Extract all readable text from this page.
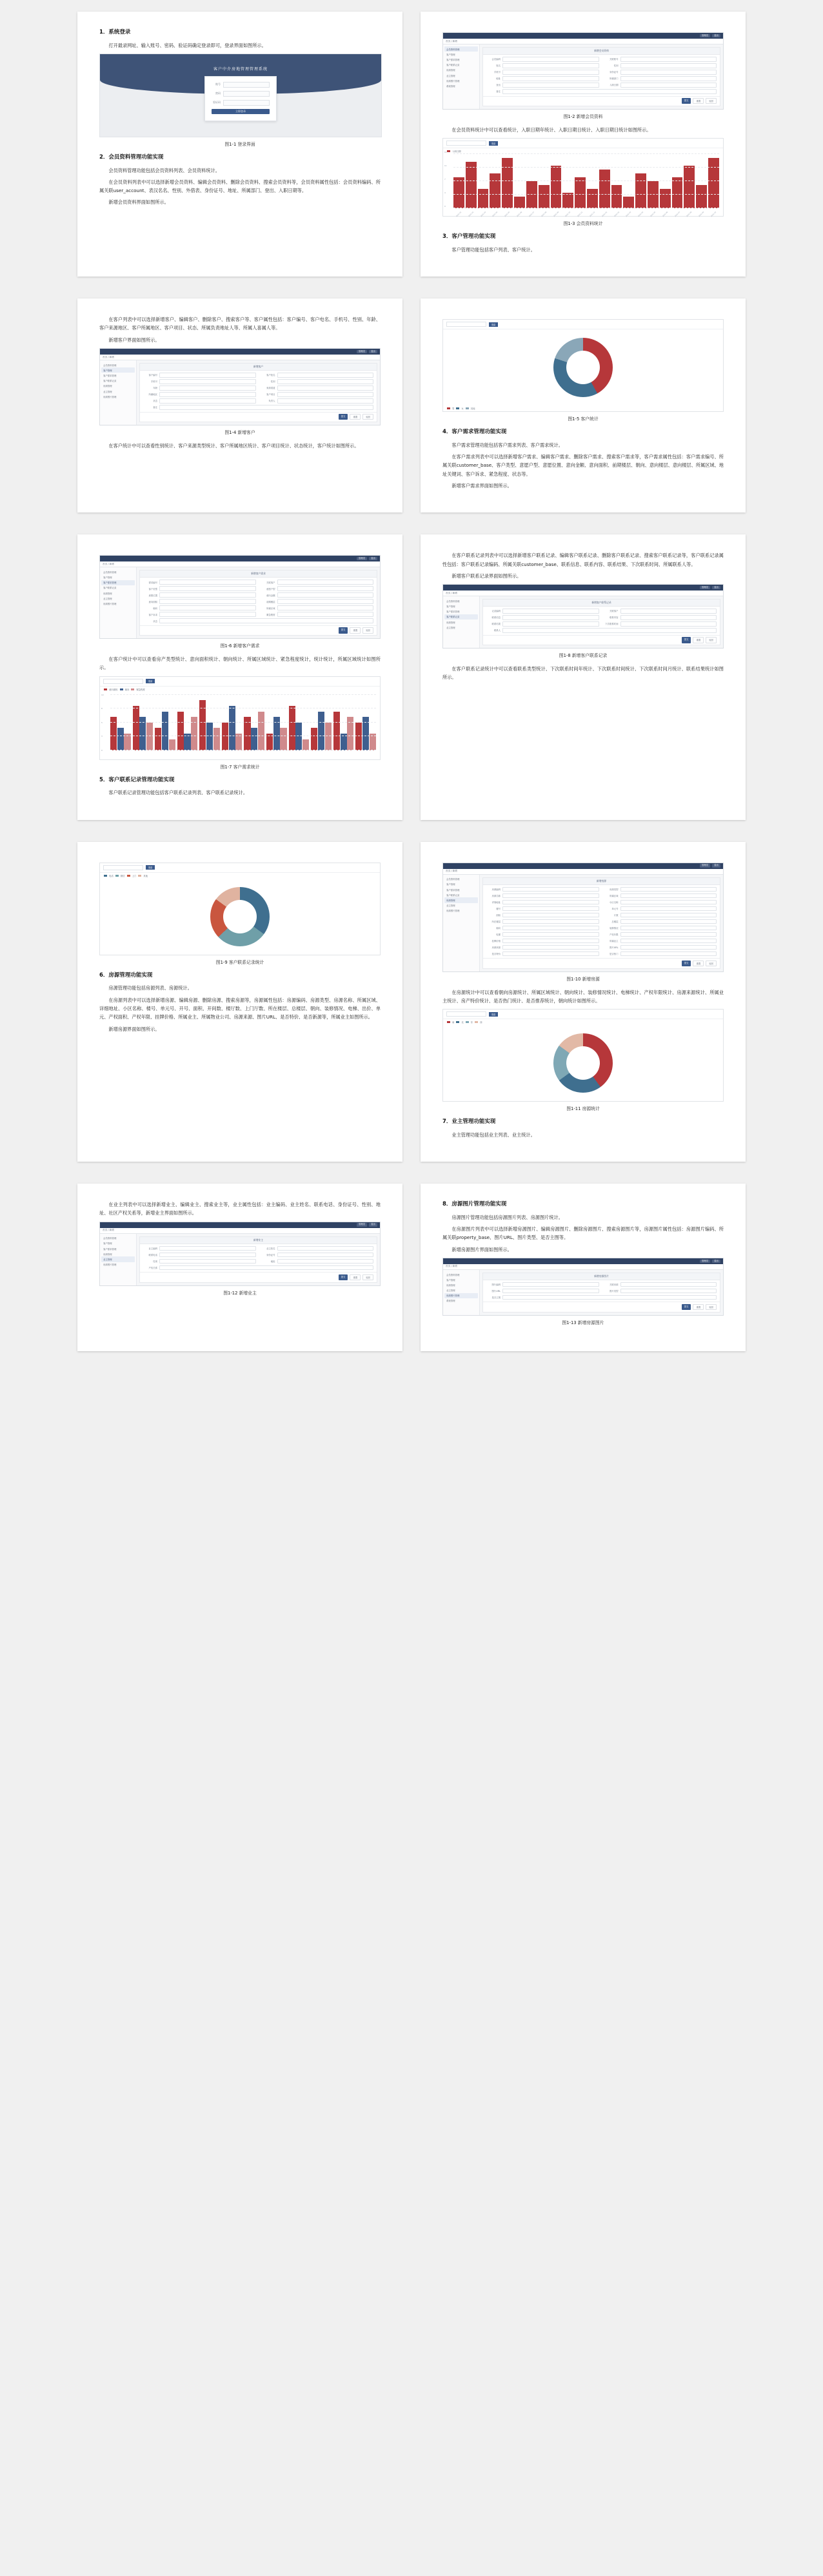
1．系统登录

打开最录网址、输入账号、密码、验证码确定登录即可，登录界面如图所示。

客户中介房地管理管理系统
账号
密码
验证码
立即登录
图1-1 登录界面
2．会员资料管理功能实现

会员资料管理功能包括会员资料列表、会员资料统计。

在会员资料列表中可以选择新增会员资料、编辑会员资料、删除会员资料、搜索会员资料等，会员资料属性包括：会员资料编码、所属关联user_account、表汉名名、性别、外借表、身份证号、地址、所属部门、登出、入职日期等。

新增会员资料界面如图所示。

管理员	退出
首页 / 新增
会员资料管理
客户管理
客户需求管理
客户联系记录
房源管理
业主管理
房源图片管理
系统管理
新增会员资料
会员编码	关联账号
姓名	性别
手机号	身份证号
地址	所属部门
登出	入职日期
备注
提交	重置	返回
图1-2 新增会员资料

在会员资料统计中可以查看统计，入职日期年统计、入职日期日统计、入职日期日统计如图所示。

搜索
入职日期
2021-01	2021-02	2021-03	2021-04	2021-05	2021-06	2021-07	2021-08	2021-09	2021-10	2021-11	2021-12	2022-01	2022-02	2022-03	2022-04	2022-05	2022-06	2022-07	2022-08	2022-09	2022-10
0
4
7
11
14
图1-3 会员资料统计
3．客户管理功能实现

客户管理功能包括客户列表、客户统计。

在客户列表中可以选择新增客户、编辑客户、删除客户、搜索客户等、客户属性包括：客户编号、客户电名、手机号、性别、年龄、客户来源地区、客户所属地区、客户项目、状态、所属负责地址人等、所属人喜属人等。

新增客户界面如图所示。

管理员	退出
首页 / 新增
会员资料管理
客户管理
客户需求管理
客户联系记录
房源管理
业主管理
房源图片管理
新增客户
客户编号	客户姓名
手机号	性别
年龄	来源渠道
所属地区	客户项目
状态	负责人
备注
提交	重置	返回
图1-4 新增客户

在客户统计中可以查看性别统计、客户来源类型统计、客户所属地区统计、客户项目统计、状态统计，客户统计如图所示。

搜索
男	女	其他
图1-5 客户统计
4．客户需求管理功能实现

客户需求管理功能包括客户需求列表、客户需求统计。

在客户需求列表中可以选择新增客户需求、编辑客户需求、删除客户需求、搜索客户需求等，客户需求属性包括：客户需求编号、所属关联customer_base、客户类型、意愿户型、意愿位置、意向金额、意向面积、前期楼层、朝向、意向楼层、意向楼层、所属区域、地址关键词、客户诉求、紧急程度、状态等。

新增客户需求界面如图所示。

管理员	退出
首页 / 新增
会员资料管理
客户管理
客户需求管理
客户联系记录
房源管理
业主管理
房源图片管理
新增客户需求
需求编号	关联客户
客户类型	意愿户型
意愿位置	意向金额
意向面积	前期楼层
朝向	所属区域
客户诉求	紧急程度
状态
提交	重置	返回
图1-6 新增客户需求

在客户统计中可以查看房产类型统计、意向面积统计、朝向统计、所属区域统计、紧急程度统计，统计统计，所属区域统计如图所示。

搜索
意向面积	朝向	紧急程度
0
3
5
8
10
图1-7 客户需求统计
5．客户联系记录管理功能实现

客户联系记录管理功能包括客户联系记录列表、客户联系记录统计。

在客户联系记录列表中可以选择新增客户联系记录、编辑客户联系记录、删除客户联系记录、搜索客户联系记录等，客户联系记录属性包括：客户联系记录编码、所属关联customer_base、联系信息、联系内容、联系结果、下次联系时间、所属联系人等。

新增客户联系记录界面如图所示。

管理员	退出
首页 / 新增
会员资料管理
客户管理
客户需求管理
客户联系记录
房源管理
业主管理
新增客户联系记录
记录编码	关联客户
联系信息	联系内容
联系结果	下次联系时间
联系人
提交	重置	返回
图1-8 新增客户联系记录

在客户联系记录统计中可以查看联系类型统计、下次联系时间年统计、下次联系时间统计、下次联系时间月统计、联系结果统计如图所示。

搜索
电话	微信	上门	其他
图1-9 客户联系记录统计
6．房源管理功能实现

房源管理功能包括房源列表、房源统计。

在房源列表中可以选择新增房源、编辑房源、删除房源、搜索房源等，房源属性包括：房源编码、房源类型、房源名称、所属区域、详细地址、小区名称、楼号、单元号、开号、面积、开间数、楼厅数、上门厅数、所在楼层、总楼层、朝向、装修情况、电梯、出价、单元、产权面积、产权年限、挂牌价格、所属业主、所属物业公司、房源来源、图片URL、是否特价、是否新源等，所属业主如图所示。

新增房源界面如图所示。

管理员	退出
首页 / 新增
会员资料管理
客户管理
客户需求管理
客户联系记录
房源管理
业主管理
房源图片管理
新增房源
房源编码	房源类型
房源名称	所属区域
详细地址	小区名称
楼号	单元号
面积	厅数
所在楼层	总楼层
朝向	装修情况
电梯	产权年限
挂牌价格	所属业主
房源来源	图片URL
是否特价	是否热门
提交	重置	返回
图1-10 新增房源

在房源统计中可以查看朝向房源统计、所属区域统计、朝向统计、装修情况统计、电梯统计、产权年限统计、房源来源统计、所属业主统计、房产特价统计、是否热门统计、是否推荐统计，朝向统计如图所示。

搜索
南	北	东	西
图1-11 房源统计
7．业主管理功能实现

业主管理功能包括业主列表、业主统计。

在业主列表中可以选择新增业主、编辑业主、搜索业主等，业主属性包括：业主编码、业主姓名、联系电话、身份证号、性别、地址、社区产权关系等，新增业主界面如图所示。

管理员	退出
首页 / 新增
会员资料管理
客户管理
客户需求管理
房源管理
业主管理
房源图片管理
新增业主
业主编码	业主姓名
联系电话	身份证号
性别	地址
产权关系
提交	重置	返回
图1-12 新增业主
8．房源图片管理功能实现

房源图片管理功能包括房源图片列表、房源图片统计。

在房源图片列表中可以选择新增房源图片、编辑房源图片、删除房源图片、搜索房源图片等，房源图片属性包括：房源图片编码、所属关联property_base、图片URL、图片类型、是否主图等。

新增房源图片界面如图所示。

管理员	退出
首页 / 新增
会员资料管理
客户管理
房源管理
业主管理
房源图片管理
系统管理
新增房源图片
图片编码	关联房源
图片URL	图片类型
是否主图
提交	重置	返回
图1-13 新增房源图片
